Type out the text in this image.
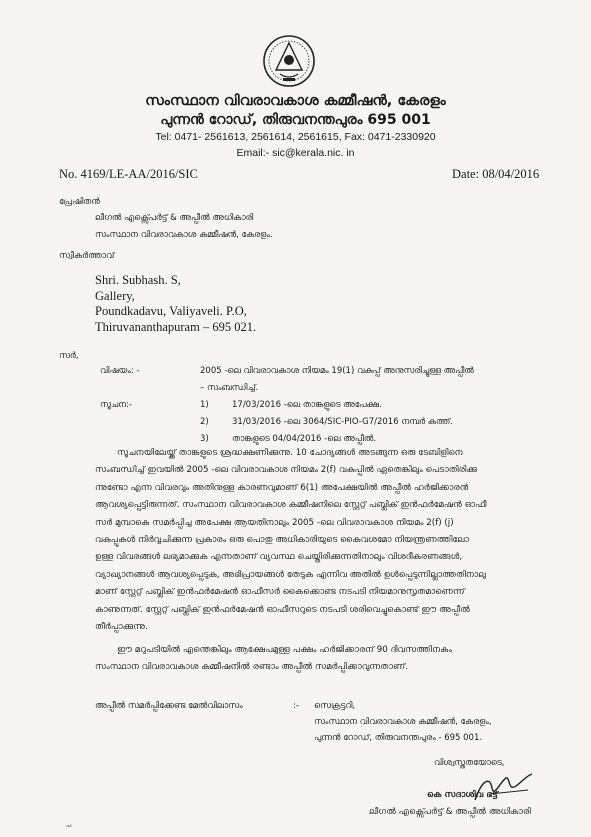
സംസ്ഥാന വിവരാവകാശ കമ്മീഷൻ, കേരളം
പുന്നൻ റോഡ്, തിരുവനന്തപുരം 695 001
Tel: 0471- 2561613, 2561614, 2561615, Fax: 0471-2330920
Email:- sic@kerala.nic. in
No. 4169/LE-AA/2016/SIC	Date: 08/04/2016
പ്രേഷിതൻ
ലീഗൽ എക്സ്പെർട്ട് & അപ്പീൽ അധികാരി
സംസ്ഥാന വിവരാവകാശ കമ്മീഷൻ, കേരളം.
സ്വീകർത്താവ്
Shri. Subhash. S,
Gallery,
Poundkadavu, Valiyaveli. P.O,
Thiruvananthapuram – 695 021.
സർ,
വിഷയം: -	2005 -ലെ വിവരാവകാശ നിയമം 19(1) വകുപ്പ് അനുസരിച്ചുള്ള അപ്പീൽ
– സംബന്ധിച്ച്.
സൂചന:-	1)	17/03/2016 -ലെ താങ്കളുടെ അപേക്ഷ.
2)	31/03/2016 -ലെ 3064/SIC-PIO-G7/2016 നമ്പർ കത്ത്.
3)	താങ്കളുടെ 04/04/2016 -ലെ അപ്പീൽ.
സൂചനയിലേയ്ക്ക് താങ്കളുടെ ശ്രദ്ധക്ഷണിക്കുന്നു. 10 ചോദ്യങ്ങൾ അടങ്ങുന്ന ഒരു ടേബിളിനെ
സംബന്ധിച്ച് ഇവയിൽ 2005 -ലെ വിവരാവകാശ നിയമം 2(f) വകുപ്പിൽ ഏതെങ്കിലും പെടാതിരിക്കു
ന്നുണ്ടോ എന്ന വിവരവും അതിനുള്ള കാരണവുമാണ് 6(1) അപേക്ഷയിൽ അപ്പീൽ ഹർജിക്കാരൻ
ആവശ്യപ്പെട്ടിരുന്നത്. സംസ്ഥാന വിവരാവകാശ കമ്മീഷനിലെ സ്റ്റേറ്റ് പബ്ലിക് ഇൻഫർമേഷൻ ഓഫീ
സർ മുമ്പാകെ സമർപ്പിച്ച അപേക്ഷ ആയതിനാലും 2005 -ലെ വിവരാവകാശ നിയമം 2(f) (j)
വകുപ്പുകൾ നിർവ്വചിക്കുന്ന പ്രകാരം ഒരു പൊതു അധികാരിയുടെ കൈവശമോ നിയന്ത്രണത്തിലോ
ഉള്ള വിവരങ്ങൾ ലഭ്യമാക്കുക എന്നതാണ് വ്യവസ്ഥ ചെയ്തിരിക്കുന്നതിനാലും വിശദീകരണങ്ങൾ,
വ്യാഖ്യാനങ്ങൾ ആവശ്യപ്പെടുക, അഭിപ്രായങ്ങൾ തേടുക എന്നിവ അതിൽ ഉൾപ്പെടുന്നില്ലാത്തതിനാലു
മാണ് സ്റ്റേറ്റ് പബ്ലിക് ഇൻഫർമേഷൻ ഓഫീസർ കൈക്കൊണ്ട നടപടി നിയമാനുസൃതമാണെന്ന്
കാണുന്നത്. സ്റ്റേറ്റ് പബ്ലിക് ഇൻഫർമേഷൻ ഓഫീസറുടെ നടപടി ശരിവെച്ചുകൊണ്ട് ഈ അപ്പീൽ
തീർപ്പാക്കുന്നു.
ഈ മറുപടിയിൽ എന്തെങ്കിലും ആക്ഷേപമുള്ള പക്ഷം ഹർജിക്കാരന് 90 ദിവസത്തിനകം
സംസ്ഥാന വിവരാവകാശ കമ്മീഷനിൽ രണ്ടാം അപ്പീൽ സമർപ്പിക്കാവുന്നതാണ്.
അപ്പീൽ സമർപ്പിക്കേണ്ട മേൽവിലാസം	:- സെക്രട്ടറി,
സംസ്ഥാന വിവരാവകാശ കമ്മീഷൻ, കേരളം,
പുന്നൻ റോഡ്, തിരുവനന്തപുരം - 695 001.
വിശ്വസ്തതയോടെ,
കെ സദാശിവ ഭട്ട്
ലീഗൽ എക്സ്പെർട്ട് & അപ്പീൽ അധികാരി
പ
